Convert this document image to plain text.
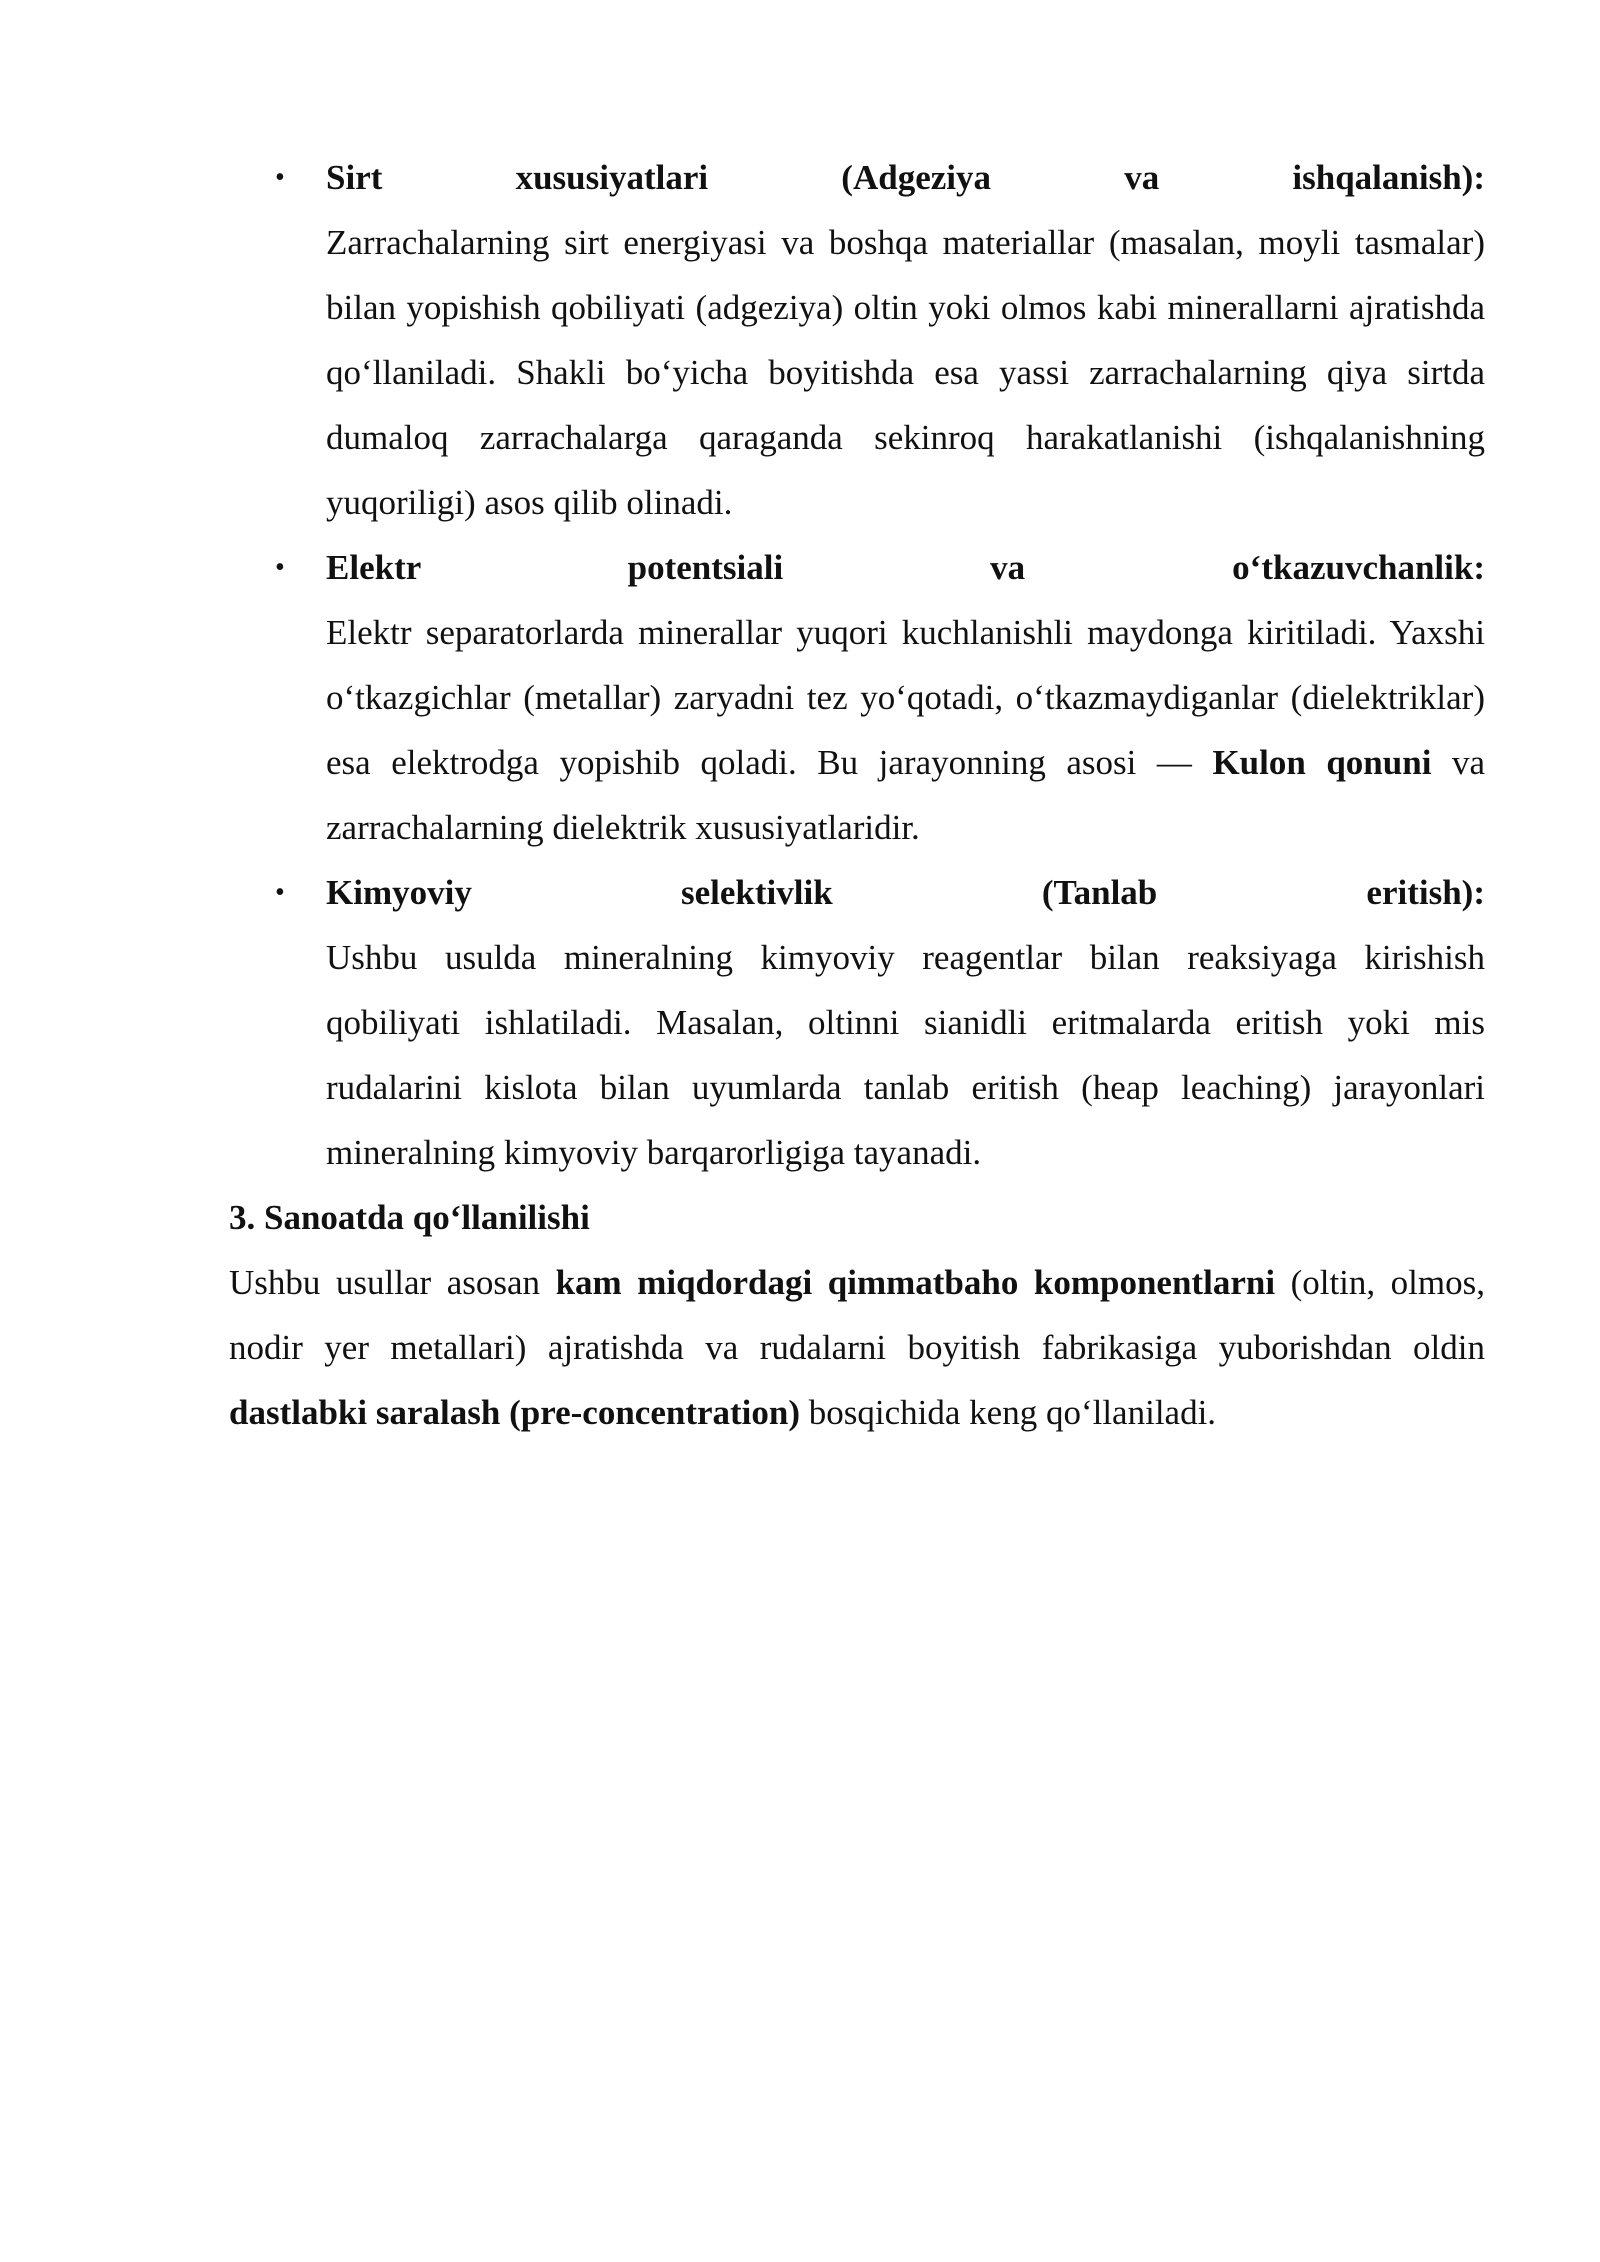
• Sirt xususiyatlari (Adgeziya va ishqalanish):
Zarrachalarning sirt energiyasi va boshqa materiallar (masalan, moyli tasmalar) bilan yopishish qobiliyati (adgeziya) oltin yoki olmos kabi minerallarni ajratishda qo‘llaniladi. Shakli bo‘yicha boyitishda esa yassi zarrachalarning qiya sirtda dumaloq zarrachalarga qaraganda sekinroq harakatlanishi (ishqalanishning yuqoriligi) asos qilib olinadi.
• Elektr potentsiali va o‘tkazuvchanlik:
Elektr separatorlarda minerallar yuqori kuchlanishli maydonga kiritiladi. Yaxshi o‘tkazgichlar (metallar) zaryadni tez yo‘qotadi, o‘tkazmaydiganlar (dielektriklar) esa elektrodga yopishib qoladi. Bu jarayonning asosi — Kulon qonuni va zarrachalarning dielektrik xususiyatlaridir.
• Kimyoviy selektivlik (Tanlab eritish):
Ushbu usulda mineralning kimyoviy reagentlar bilan reaksiyaga kirishish qobiliyati ishlatiladi. Masalan, oltinni sianidli eritmalarda eritish yoki mis rudalarini kislota bilan uyumlarda tanlab eritish (heap leaching) jarayonlari mineralning kimyoviy barqarorligiga tayanadi.

3. Sanoatda qo‘llanilishi

Ushbu usullar asosan kam miqdordagi qimmatbaho komponentlarni (oltin, olmos, nodir yer metallari) ajratishda va rudalarni boyitish fabrikasiga yuborishdan oldin dastlabki saralash (pre-concentration) bosqichida keng qo‘llaniladi.
